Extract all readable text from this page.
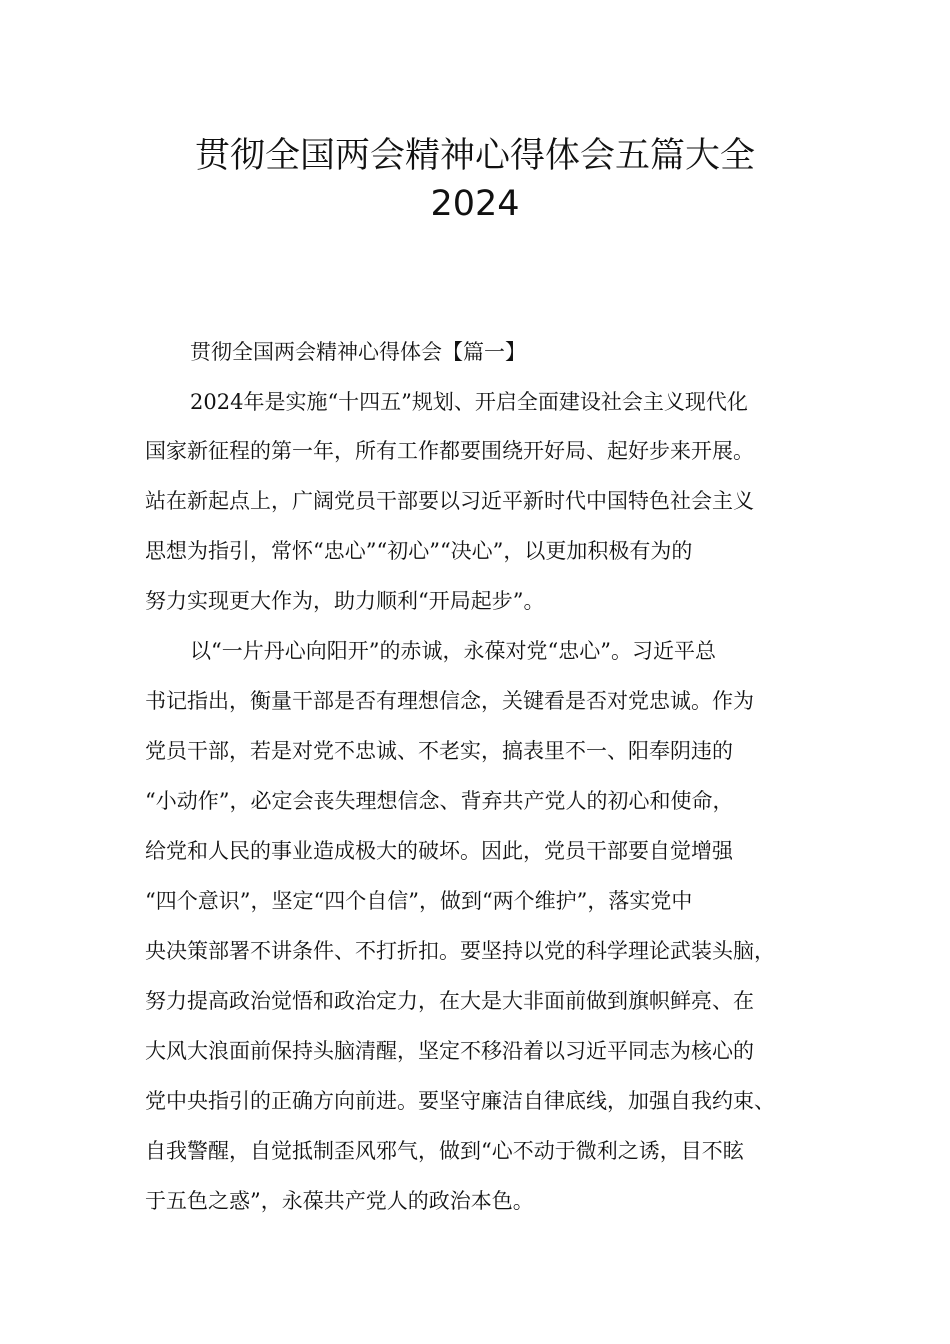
贯彻全国两会精神心得体会五篇大全
2024
贯彻全国两会精神心得体会【篇一】
2024年是实施“十四五”规划、开启全面建设社会主义现代化
国家新征程的第一年，所有工作都要围绕开好局、起好步来开展。
站在新起点上，广阔党员干部要以习近平新时代中国特色社会主义
思想为指引，常怀“忠心”“初心”“决心”，以更加积极有为的
努力实现更大作为，助力顺利“开局起步”。
以“一片丹心向阳开”的赤诚，永葆对党“忠心”。习近平总
书记指出，衡量干部是否有理想信念，关键看是否对党忠诚。作为
党员干部，若是对党不忠诚、不老实，搞表里不一、阳奉阴违的
“小动作”，必定会丧失理想信念、背弃共产党人的初心和使命，
给党和人民的事业造成极大的破坏。因此，党员干部要自觉增强
“四个意识”，坚定“四个自信”，做到“两个维护”，落实党中
央决策部署不讲条件、不打折扣。要坚持以党的科学理论武装头脑，
努力提高政治觉悟和政治定力，在大是大非面前做到旗帜鲜亮、在
大风大浪面前保持头脑清醒，坚定不移沿着以习近平同志为核心的
党中央指引的正确方向前进。要坚守廉洁自律底线，加强自我约束、
自我警醒，自觉抵制歪风邪气，做到“心不动于微利之诱，目不眩
于五色之惑”，永葆共产党人的政治本色。
